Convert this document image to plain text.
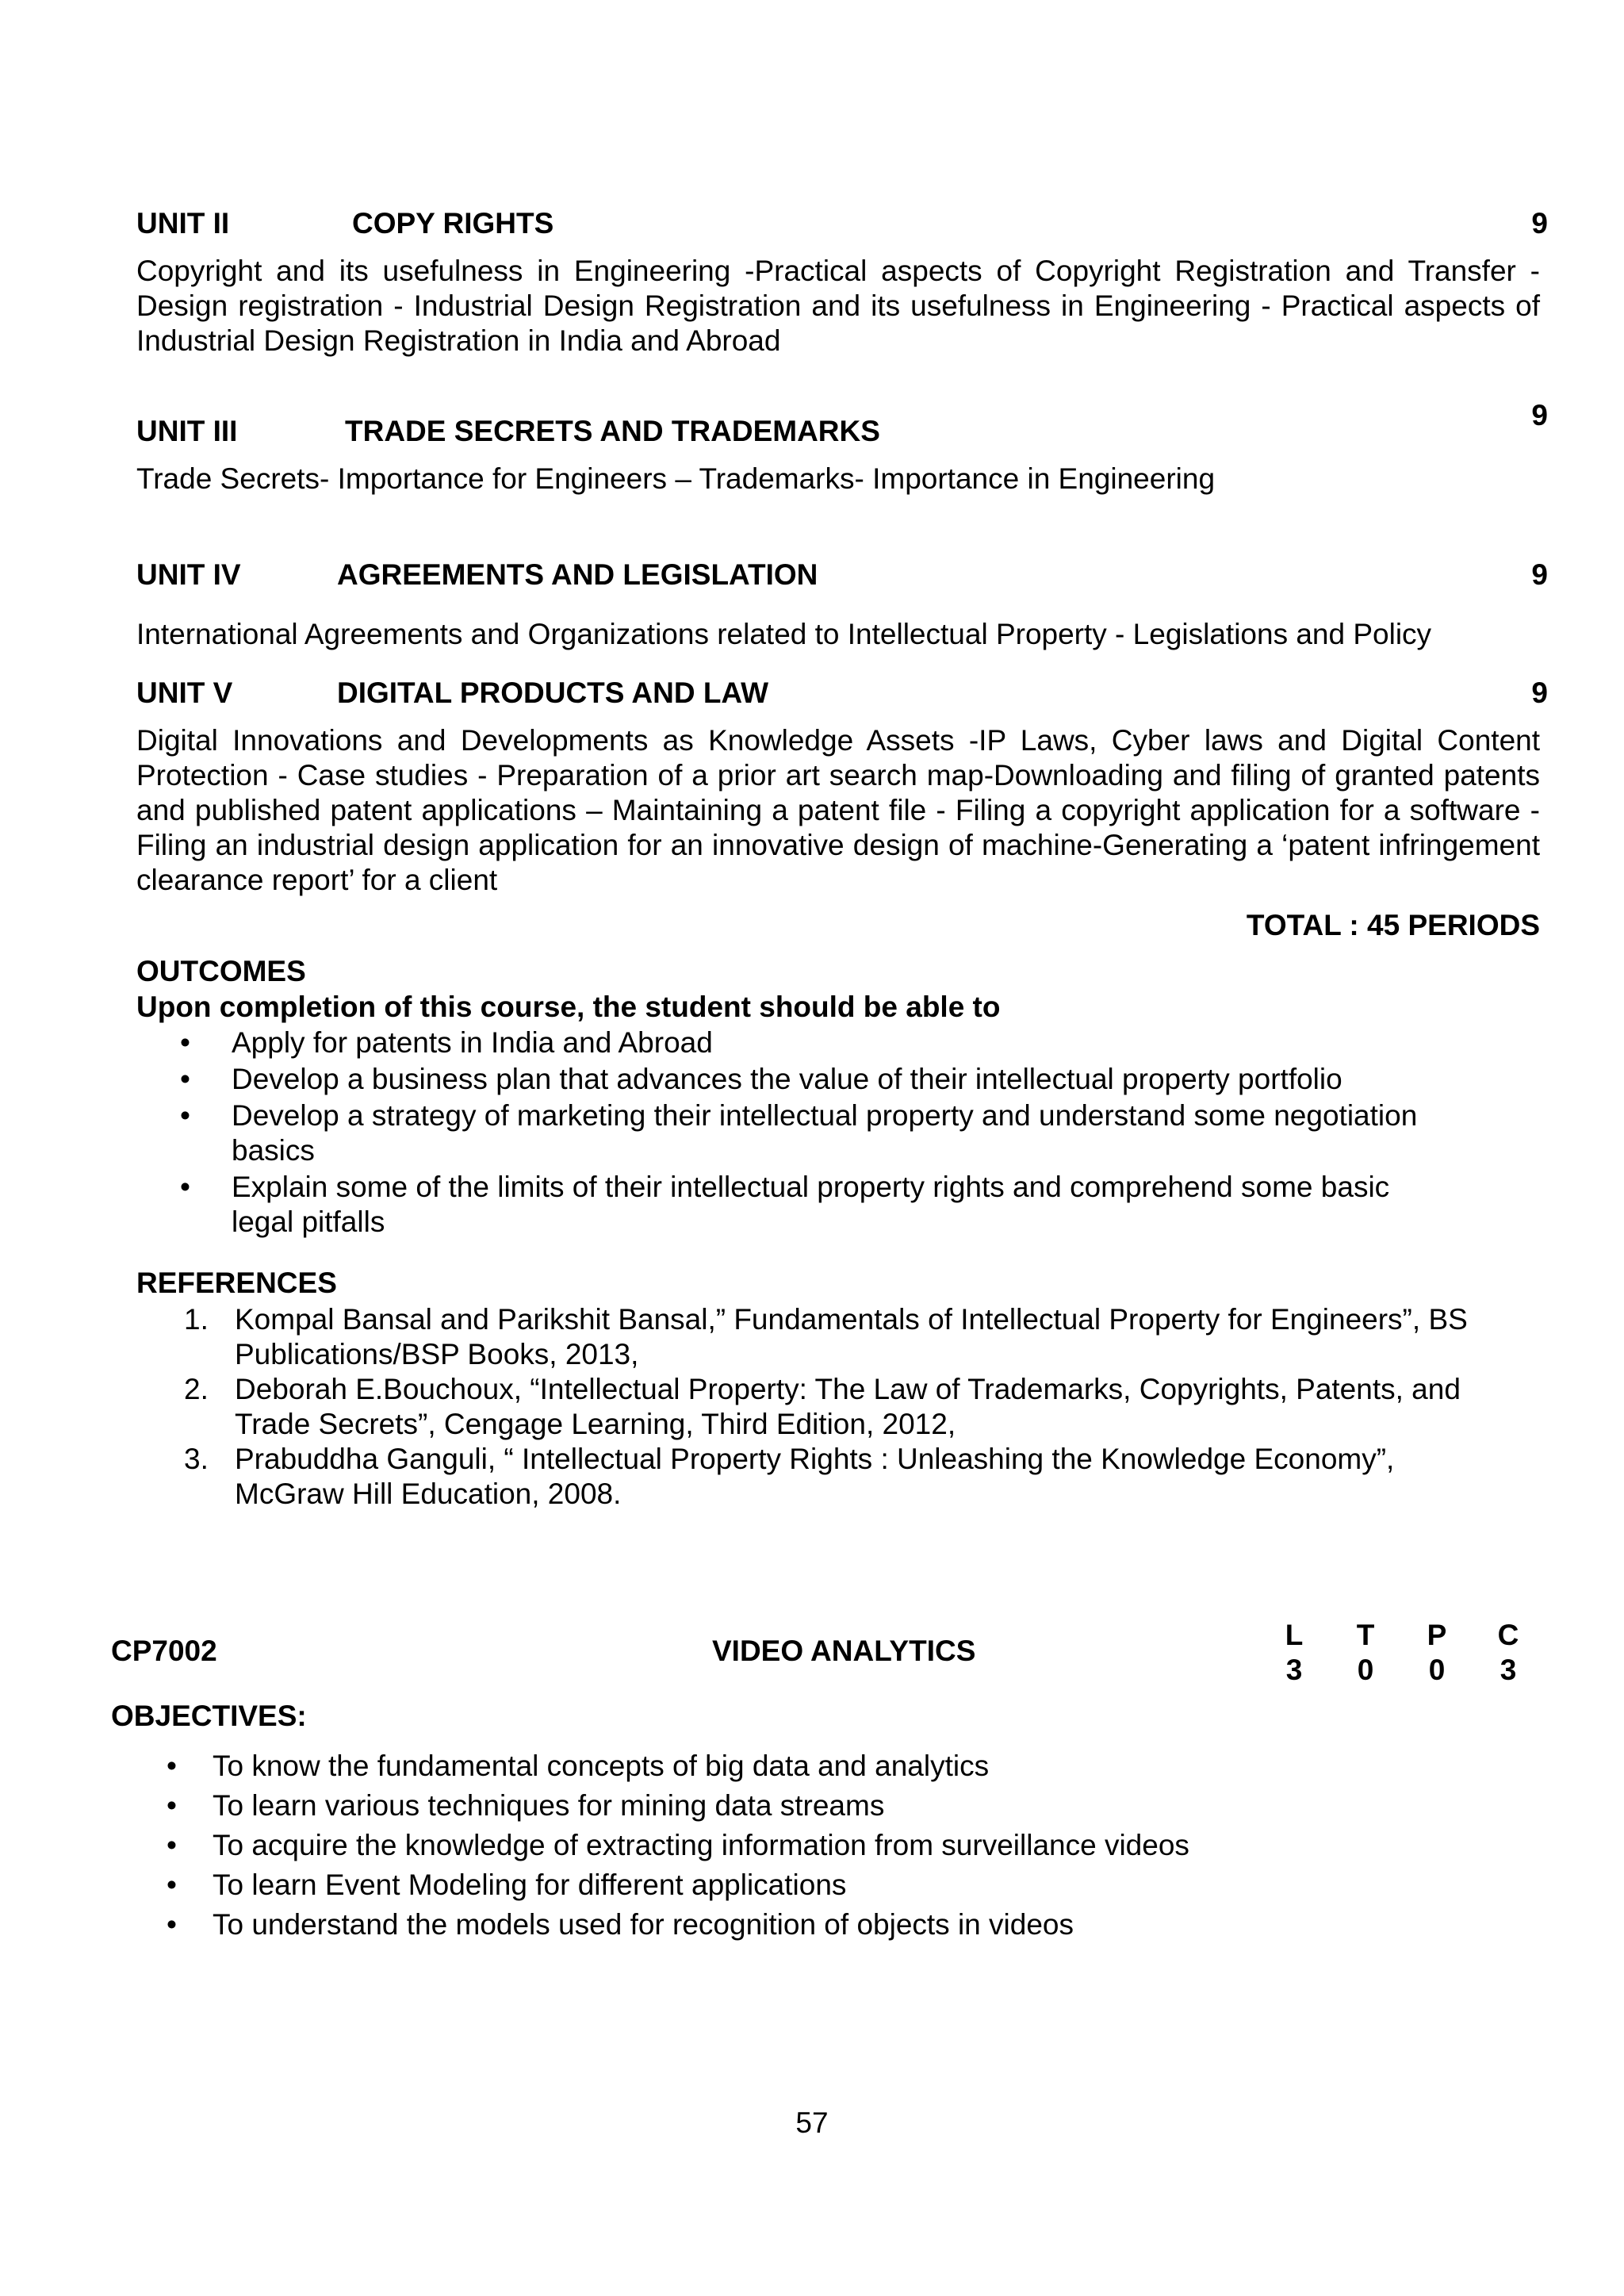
UNIT II	COPY RIGHTS	9
Copyright and its usefulness in Engineering -Practical aspects of Copyright Registration and Transfer - Design registration - Industrial Design Registration and its usefulness in Engineering - Practical aspects of Industrial Design Registration in India and Abroad
UNIT III	TRADE SECRETS AND TRADEMARKS	9
Trade Secrets- Importance for Engineers – Trademarks- Importance in Engineering
UNIT IV	AGREEMENTS AND LEGISLATION	9
International Agreements and Organizations related to Intellectual Property - Legislations and Policy
UNIT V	DIGITAL PRODUCTS AND LAW	9
Digital Innovations and Developments as Knowledge Assets -IP Laws, Cyber laws and Digital Content Protection - Case studies - Preparation of a prior art search map-Downloading and filing of granted patents and published patent applications – Maintaining a patent file - Filing a copyright application for a software - Filing an industrial design application for an innovative design of machine-Generating a ‘patent infringement clearance report’ for a client
TOTAL : 45 PERIODS
OUTCOMES
Upon completion of this course, the student should be able to
• Apply for patents in India and Abroad
• Develop a business plan that advances the value of their intellectual property portfolio
• Develop a strategy of marketing their intellectual property and understand some negotiation basics
• Explain some of the limits of their intellectual property rights and comprehend some basic legal pitfalls
REFERENCES
1. Kompal Bansal and Parikshit Bansal,” Fundamentals of Intellectual Property for Engineers”, BS Publications/BSP Books, 2013,
2. Deborah E.Bouchoux, “Intellectual Property: The Law of Trademarks, Copyrights, Patents, and Trade Secrets”, Cengage Learning, Third Edition, 2012,
3. Prabuddha Ganguli, “ Intellectual Property Rights : Unleashing the Knowledge Economy”, McGraw Hill Education, 2008.
CP7002	VIDEO ANALYTICS	L T P C
3 0 0 3
OBJECTIVES:
• To know the fundamental concepts of big data and analytics
• To learn various techniques for mining data streams
• To acquire the knowledge of extracting information from surveillance videos
• To learn Event Modeling for different applications
• To understand the models used for recognition of objects in videos
57
